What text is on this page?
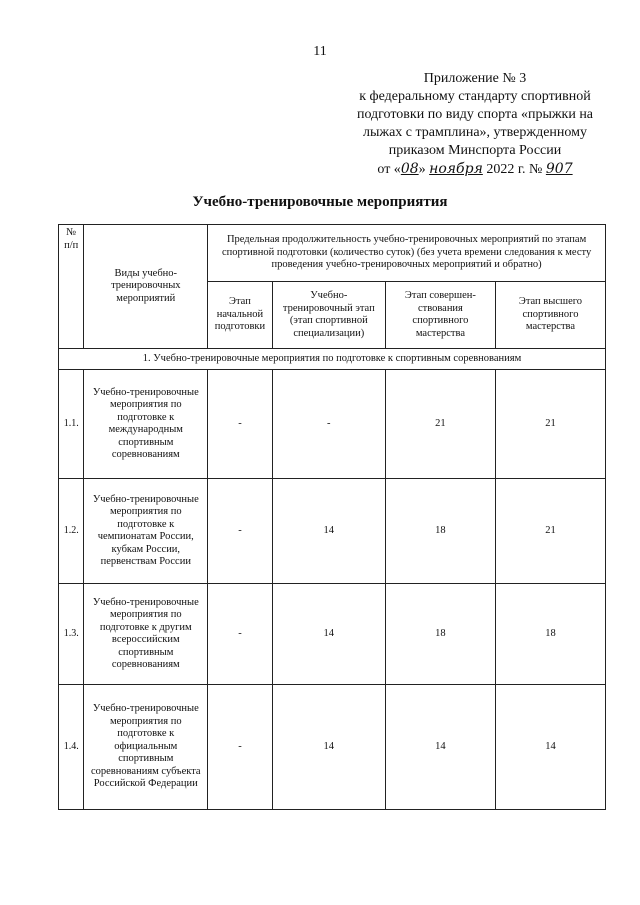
11
Приложение № 3
к федеральному стандарту спортивной
подготовки по виду спорта «прыжки на
лыжах с трамплина», утвержденному
приказом Минспорта России
от «08» ноября 2022 г. № 907
Учебно-тренировочные мероприятия
№ п/п	Виды учебно-тренировочных мероприятий	Предельная продолжительность учебно-тренировочных мероприятий по этапам спортивной подготовки (количество суток) (без учета времени следования к месту проведения учебно-тренировочных мероприятий и обратно)			
		Этап начальной подготовки	Учебно-тренировочный этап (этап спортивной специализации)	Этап совершен-ствования спортивного мастерства	Этап высшего спортивного мастерства
1. Учебно-тренировочные мероприятия по подготовке к спортивным соревнованиям					
1.1.	Учебно-тренировочные мероприятия по подготовке к международным спортивным соревнованиям	-	-	21	21
1.2.	Учебно-тренировочные мероприятия по подготовке к чемпионатам России, кубкам России, первенствам России	-	14	18	21
1.3.	Учебно-тренировочные мероприятия по подготовке к другим всероссийским спортивным соревнованиям	-	14	18	18
1.4.	Учебно-тренировочные мероприятия по подготовке к официальным спортивным соревнованиям субъекта Российской Федерации	-	14	14	14
